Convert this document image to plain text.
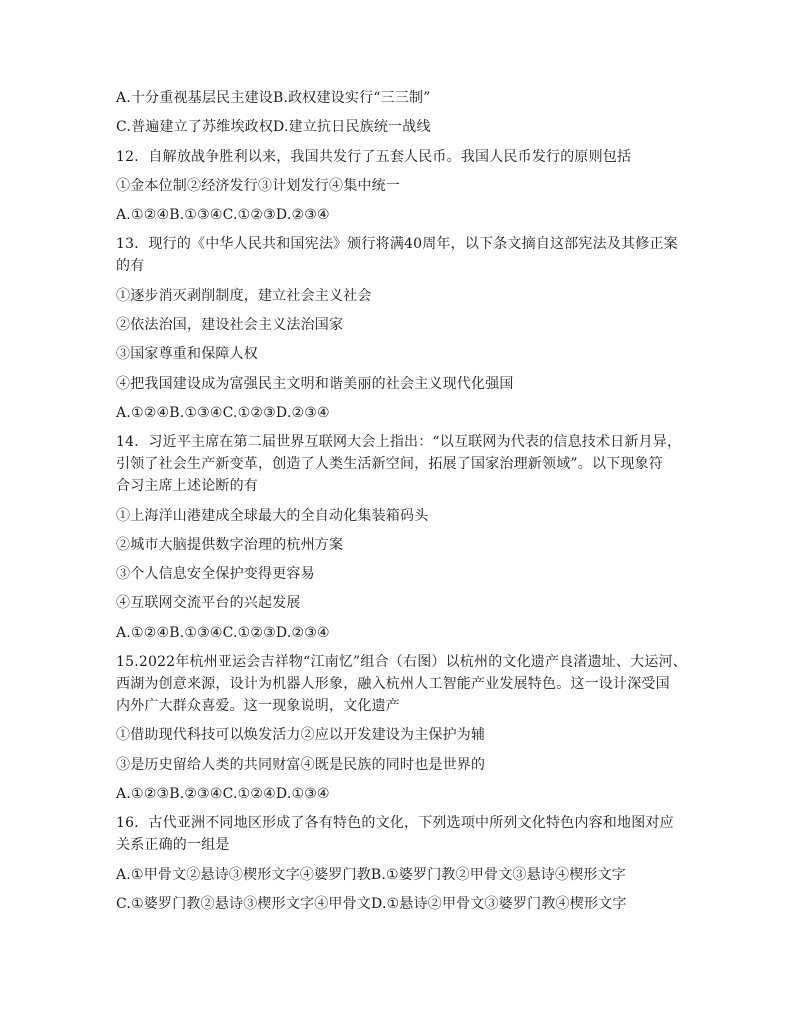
A.十分重视基层民主建设B.政权建设实行“三三制”
C.普遍建立了苏维埃政权D.建立抗日民族统一战线
12．自解放战争胜利以来，我国共发行了五套人民币。我国人民币发行的原则包括
①金本位制②经济发行③计划发行④集中统一
A.①②④B.①③④C.①②③D.②③④
13．现行的《中华人民共和国宪法》颁行将满40周年，以下条文摘自这部宪法及其修正案
的有
①逐步消灭剥削制度，建立社会主义社会
②依法治国，建设社会主义法治国家
③国家尊重和保障人权
④把我国建设成为富强民主文明和谐美丽的社会主义现代化强国
A.①②④B.①③④C.①②③D.②③④
14．习近平主席在第二届世界互联网大会上指出：“以互联网为代表的信息技术日新月异，
引领了社会生产新变革，创造了人类生活新空间，拓展了国家治理新领域”。以下现象符
合习主席上述论断的有
①上海洋山港建成全球最大的全自动化集装箱码头
②城市大脑提供数字治理的杭州方案
③个人信息安全保护变得更容易
④互联网交流平台的兴起发展
A.①②④B.①③④C.①②③D.②③④
15.2022年杭州亚运会吉祥物“江南忆”组合（右图）以杭州的文化遗产良渚遗址、大运河、
西湖为创意来源，设计为机器人形象，融入杭州人工智能产业发展特色。这一设计深受国
内外广大群众喜爱。这一现象说明，文化遗产
①借助现代科技可以焕发活力②应以开发建设为主保护为辅
③是历史留给人类的共同财富④既是民族的同时也是世界的
A.①②③B.②③④C.①②④D.①③④
16．古代亚洲不同地区形成了各有特色的文化，下列选项中所列文化特色内容和地图对应
关系正确的一组是
A.①甲骨文②悬诗③楔形文字④婆罗门教B.①婆罗门教②甲骨文③悬诗④楔形文字
C.①婆罗门教②悬诗③楔形文字④甲骨文D.①悬诗②甲骨文③婆罗门教④楔形文字
